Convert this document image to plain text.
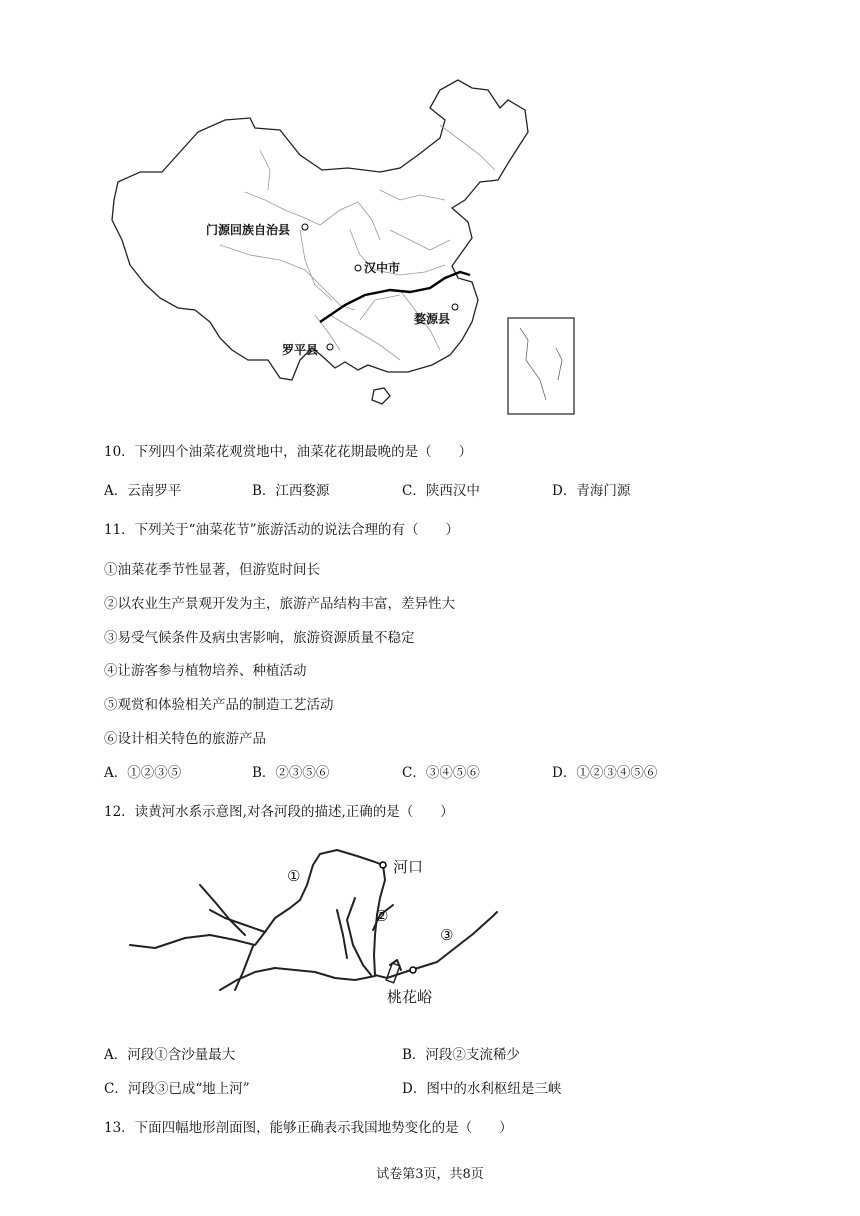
门源回族自治县
汉中市
婺源县
罗平县
10．下列四个油菜花观赏地中，油菜花花期最晚的是（　　）
A．云南罗平	B．江西婺源	C．陕西汉中	D．青海门源
11．下列关于“油菜花节”旅游活动的说法合理的有（　　）
①油菜花季节性显著，但游览时间长
②以农业生产景观开发为主，旅游产品结构丰富，差异性大
③易受气候条件及病虫害影响，旅游资源质量不稳定
④让游客参与植物培养、种植活动
⑤观赏和体验相关产品的制造工艺活动
⑥设计相关特色的旅游产品
A．①②③⑤	B．②③⑤⑥	C．③④⑤⑥	D．①②③④⑤⑥
12．读黄河水系示意图,对各河段的描述,正确的是（　　）
河口
桃花峪
①
②
③
A．河段①含沙量最大	B．河段②支流稀少
C．河段③已成“地上河”	D．图中的水利枢纽是三峡
13．下面四幅地形剖面图，能够正确表示我国地势变化的是（　　）
试卷第3页，共8页
